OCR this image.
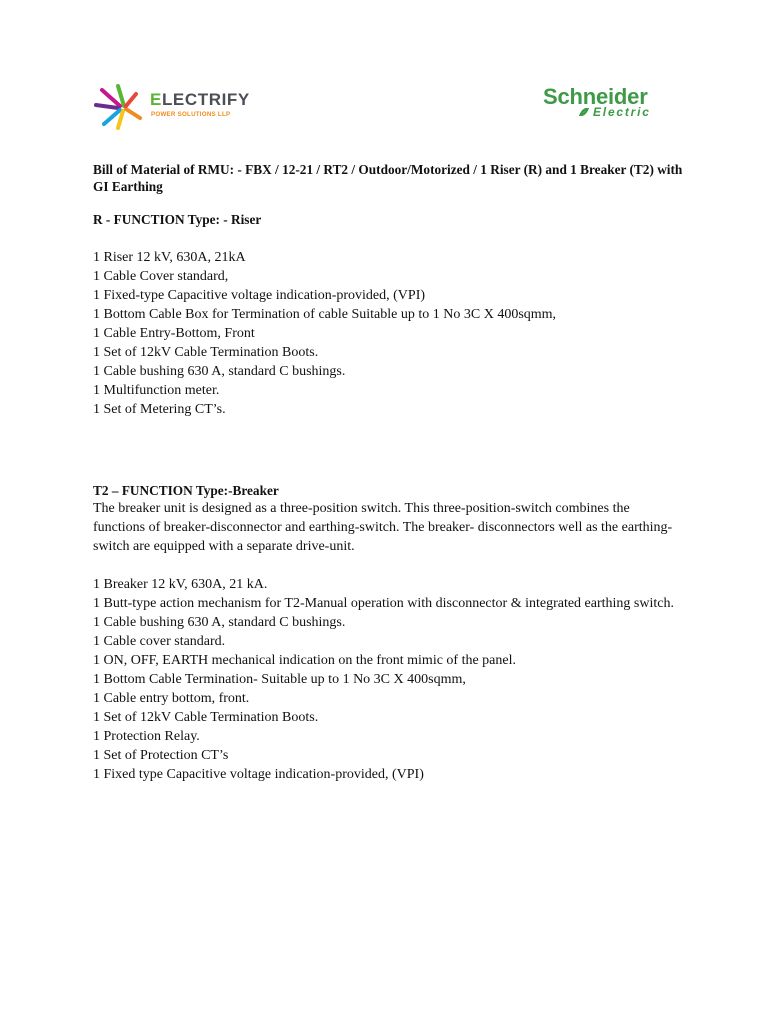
ELECTRIFY
POWER SOLUTIONS LLP
Schneider
Electric

Bill of Material of RMU: - FBX / 12-21 / RT2 / Outdoor/Motorized / 1 Riser (R) and 1 Breaker (T2) with GI Earthing

R - FUNCTION Type: - Riser

1 Riser 12 kV, 630A, 21kA
1 Cable Cover standard,
1 Fixed-type Capacitive voltage indication-provided, (VPI)
1 Bottom Cable Box for Termination of cable Suitable up to 1 No 3C X 400sqmm,
1 Cable Entry-Bottom, Front
1 Set of 12kV Cable Termination Boots.
1 Cable bushing 630 A, standard C bushings.
1 Multifunction meter.
1 Set of Metering CT’s.

T2 – FUNCTION Type:-Breaker

The breaker unit is designed as a three-position switch. This three-position-switch combines the functions of breaker-disconnector and earthing-switch. The breaker- disconnectors well as the earthing- switch are equipped with a separate drive-unit.

1 Breaker 12 kV, 630A, 21 kA.
1 Butt-type action mechanism for T2-Manual operation with disconnector & integrated earthing switch.
1 Cable bushing 630 A, standard C bushings.
1 Cable cover standard.
1 ON, OFF, EARTH mechanical indication on the front mimic of the panel.
1 Bottom Cable Termination- Suitable up to 1 No 3C X 400sqmm,
1 Cable entry bottom, front.
1 Set of 12kV Cable Termination Boots.
1 Protection Relay.
1 Set of Protection CT’s
1 Fixed type Capacitive voltage indication-provided, (VPI)
